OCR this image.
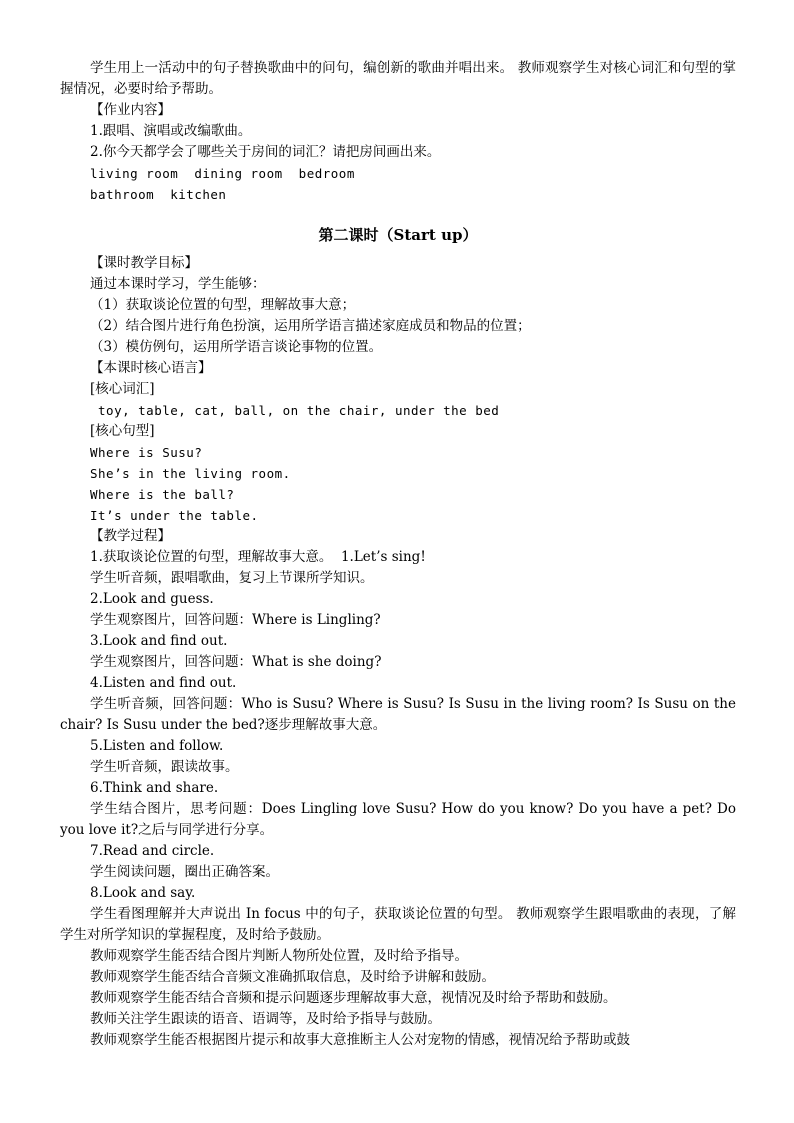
学生用上一活动中的句子替换歌曲中的问句，编创新的歌曲并唱出来。 教师观察学生对核心词汇和句型的掌握情况，必要时给予帮助。

【作业内容】

1.跟唱、演唱或改编歌曲。

2.你今天都学会了哪些关于房间的词汇？请把房间画出来。

living room  dining room  bedroom

bathroom  kitchen

第二课时（Start up）

【课时教学目标】

通过本课时学习，学生能够：

（1）获取谈论位置的句型，理解故事大意；

（2）结合图片进行角色扮演，运用所学语言描述家庭成员和物品的位置；

（3）模仿例句，运用所学语言谈论事物的位置。

【本课时核心语言】

[核心词汇]

toy, table, cat, ball, on the chair, under the bed

[核心句型]

Where is Susu?

She’s in the living room.

Where is the ball?

It’s under the table.

【教学过程】

1.获取谈论位置的句型，理解故事大意。  1.Let’s sing!

学生听音频，跟唱歌曲，复习上节课所学知识。

2.Look and guess.

学生观察图片，回答问题：Where is Lingling?

3.Look and find out.

学生观察图片，回答问题：What is she doing?

4.Listen and find out.

学生听音频，回答问题：Who is Susu? Where is Susu? Is Susu in the living room? Is Susu on the chair? Is Susu under the bed?逐步理解故事大意。

5.Listen and follow.

学生听音频，跟读故事。

6.Think and share.

学生结合图片，思考问题：Does Lingling love Susu? How do you know? Do you have a pet? Do you love it?之后与同学进行分享。

7.Read and circle.

学生阅读问题，圈出正确答案。

8.Look and say.

学生看图理解并大声说出 In focus 中的句子，获取谈论位置的句型。 教师观察学生跟唱歌曲的表现，了解学生对所学知识的掌握程度，及时给予鼓励。

教师观察学生能否结合图片判断人物所处位置，及时给予指导。

教师观察学生能否结合音频文准确抓取信息，及时给予讲解和鼓励。

教师观察学生能否结合音频和提示问题逐步理解故事大意，视情况及时给予帮助和鼓励。

教师关注学生跟读的语音、语调等，及时给予指导与鼓励。

教师观察学生能否根据图片提示和故事大意推断主人公对宠物的情感，视情况给予帮助或鼓
